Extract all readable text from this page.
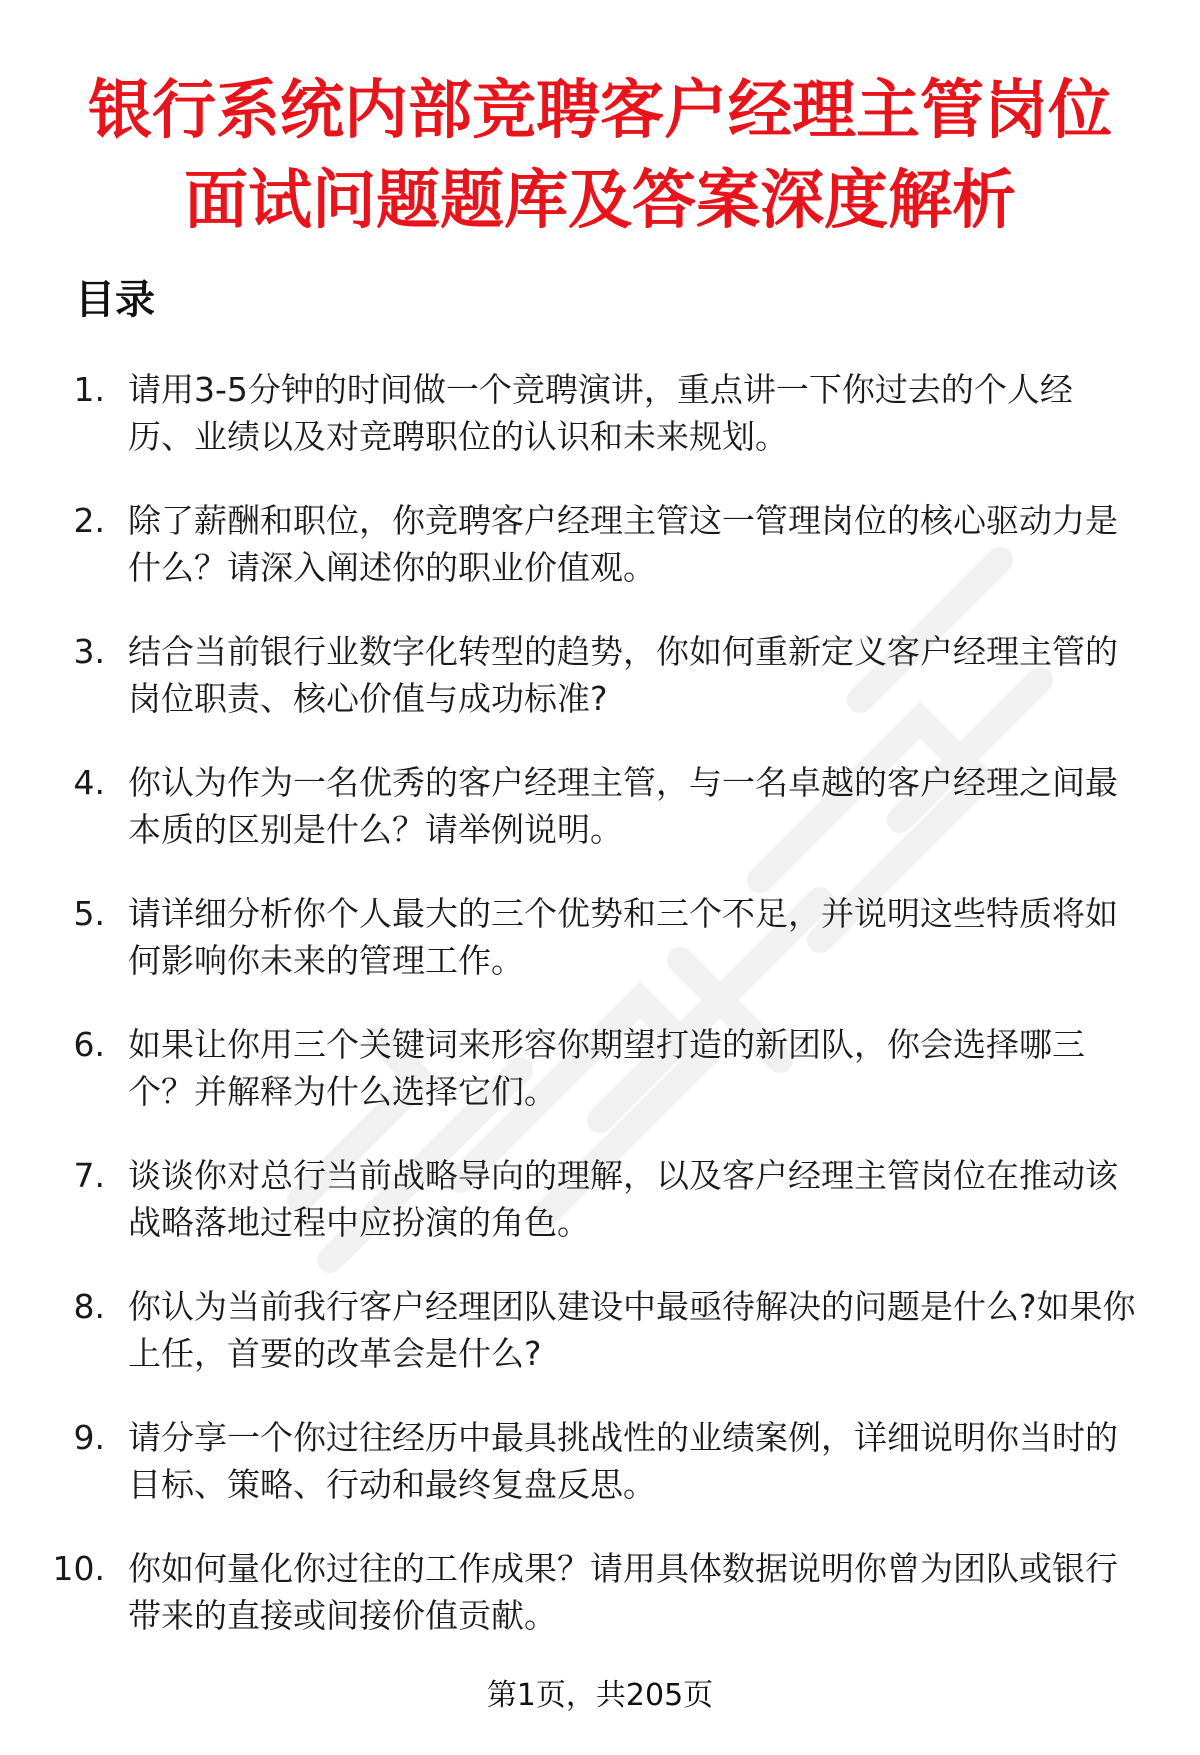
银行系统内部竞聘客户经理主管岗位面试问题题库及答案深度解析
目录
1. 请用3-5分钟的时间做一个竞聘演讲，重点讲一下你过去的个人经历、业绩以及对竞聘职位的认识和未来规划。
2. 除了薪酬和职位，你竞聘客户经理主管这一管理岗位的核心驱动力是什么？请深入阐述你的职业价值观。
3. 结合当前银行业数字化转型的趋势，你如何重新定义客户经理主管的岗位职责、核心价值与成功标准?
4. 你认为作为一名优秀的客户经理主管，与一名卓越的客户经理之间最本质的区别是什么？请举例说明。
5. 请详细分析你个人最大的三个优势和三个不足，并说明这些特质将如何影响你未来的管理工作。
6. 如果让你用三个关键词来形容你期望打造的新团队，你会选择哪三个？并解释为什么选择它们。
7. 谈谈你对总行当前战略导向的理解，以及客户经理主管岗位在推动该战略落地过程中应扮演的角色。
8. 你认为当前我行客户经理团队建设中最亟待解决的问题是什么?如果你上任，首要的改革会是什么?
9. 请分享一个你过往经历中最具挑战性的业绩案例，详细说明你当时的目标、策略、行动和最终复盘反思。
10. 你如何量化你过往的工作成果？请用具体数据说明你曾为团队或银行带来的直接或间接价值贡献。
第1页，共205页
